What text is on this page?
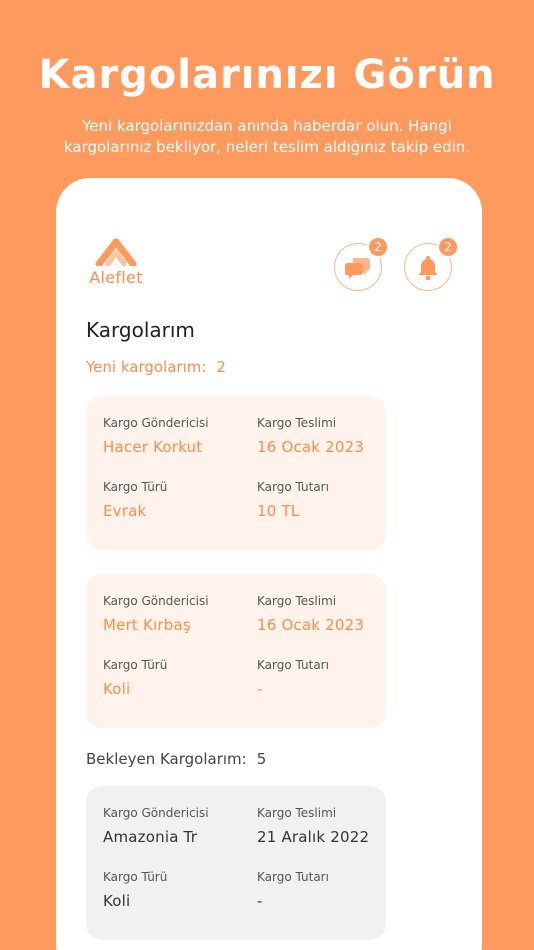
Kargolarınızı Görün
Yeni kargolarınızdan anında haberdar olun. Hangi kargolarınız bekliyor, neleri teslim aldığınız takip edin.
Aleflet
2	2
Kargolarım
Yeni kargolarım: 2
Kargo Göndericisi
Hacer Korkut
Kargo Teslimi
16 Ocak 2023
Kargo Türü
Evrak
Kargo Tutarı
10 TL
Kargo Göndericisi
Mert Kırbaş
Kargo Teslimi
16 Ocak 2023
Kargo Türü
Koli
Kargo Tutarı
-
Bekleyen Kargolarım: 5
Kargo Göndericisi
Amazonia Tr
Kargo Teslimi
21 Aralık 2022
Kargo Türü
Koli
Kargo Tutarı
-
